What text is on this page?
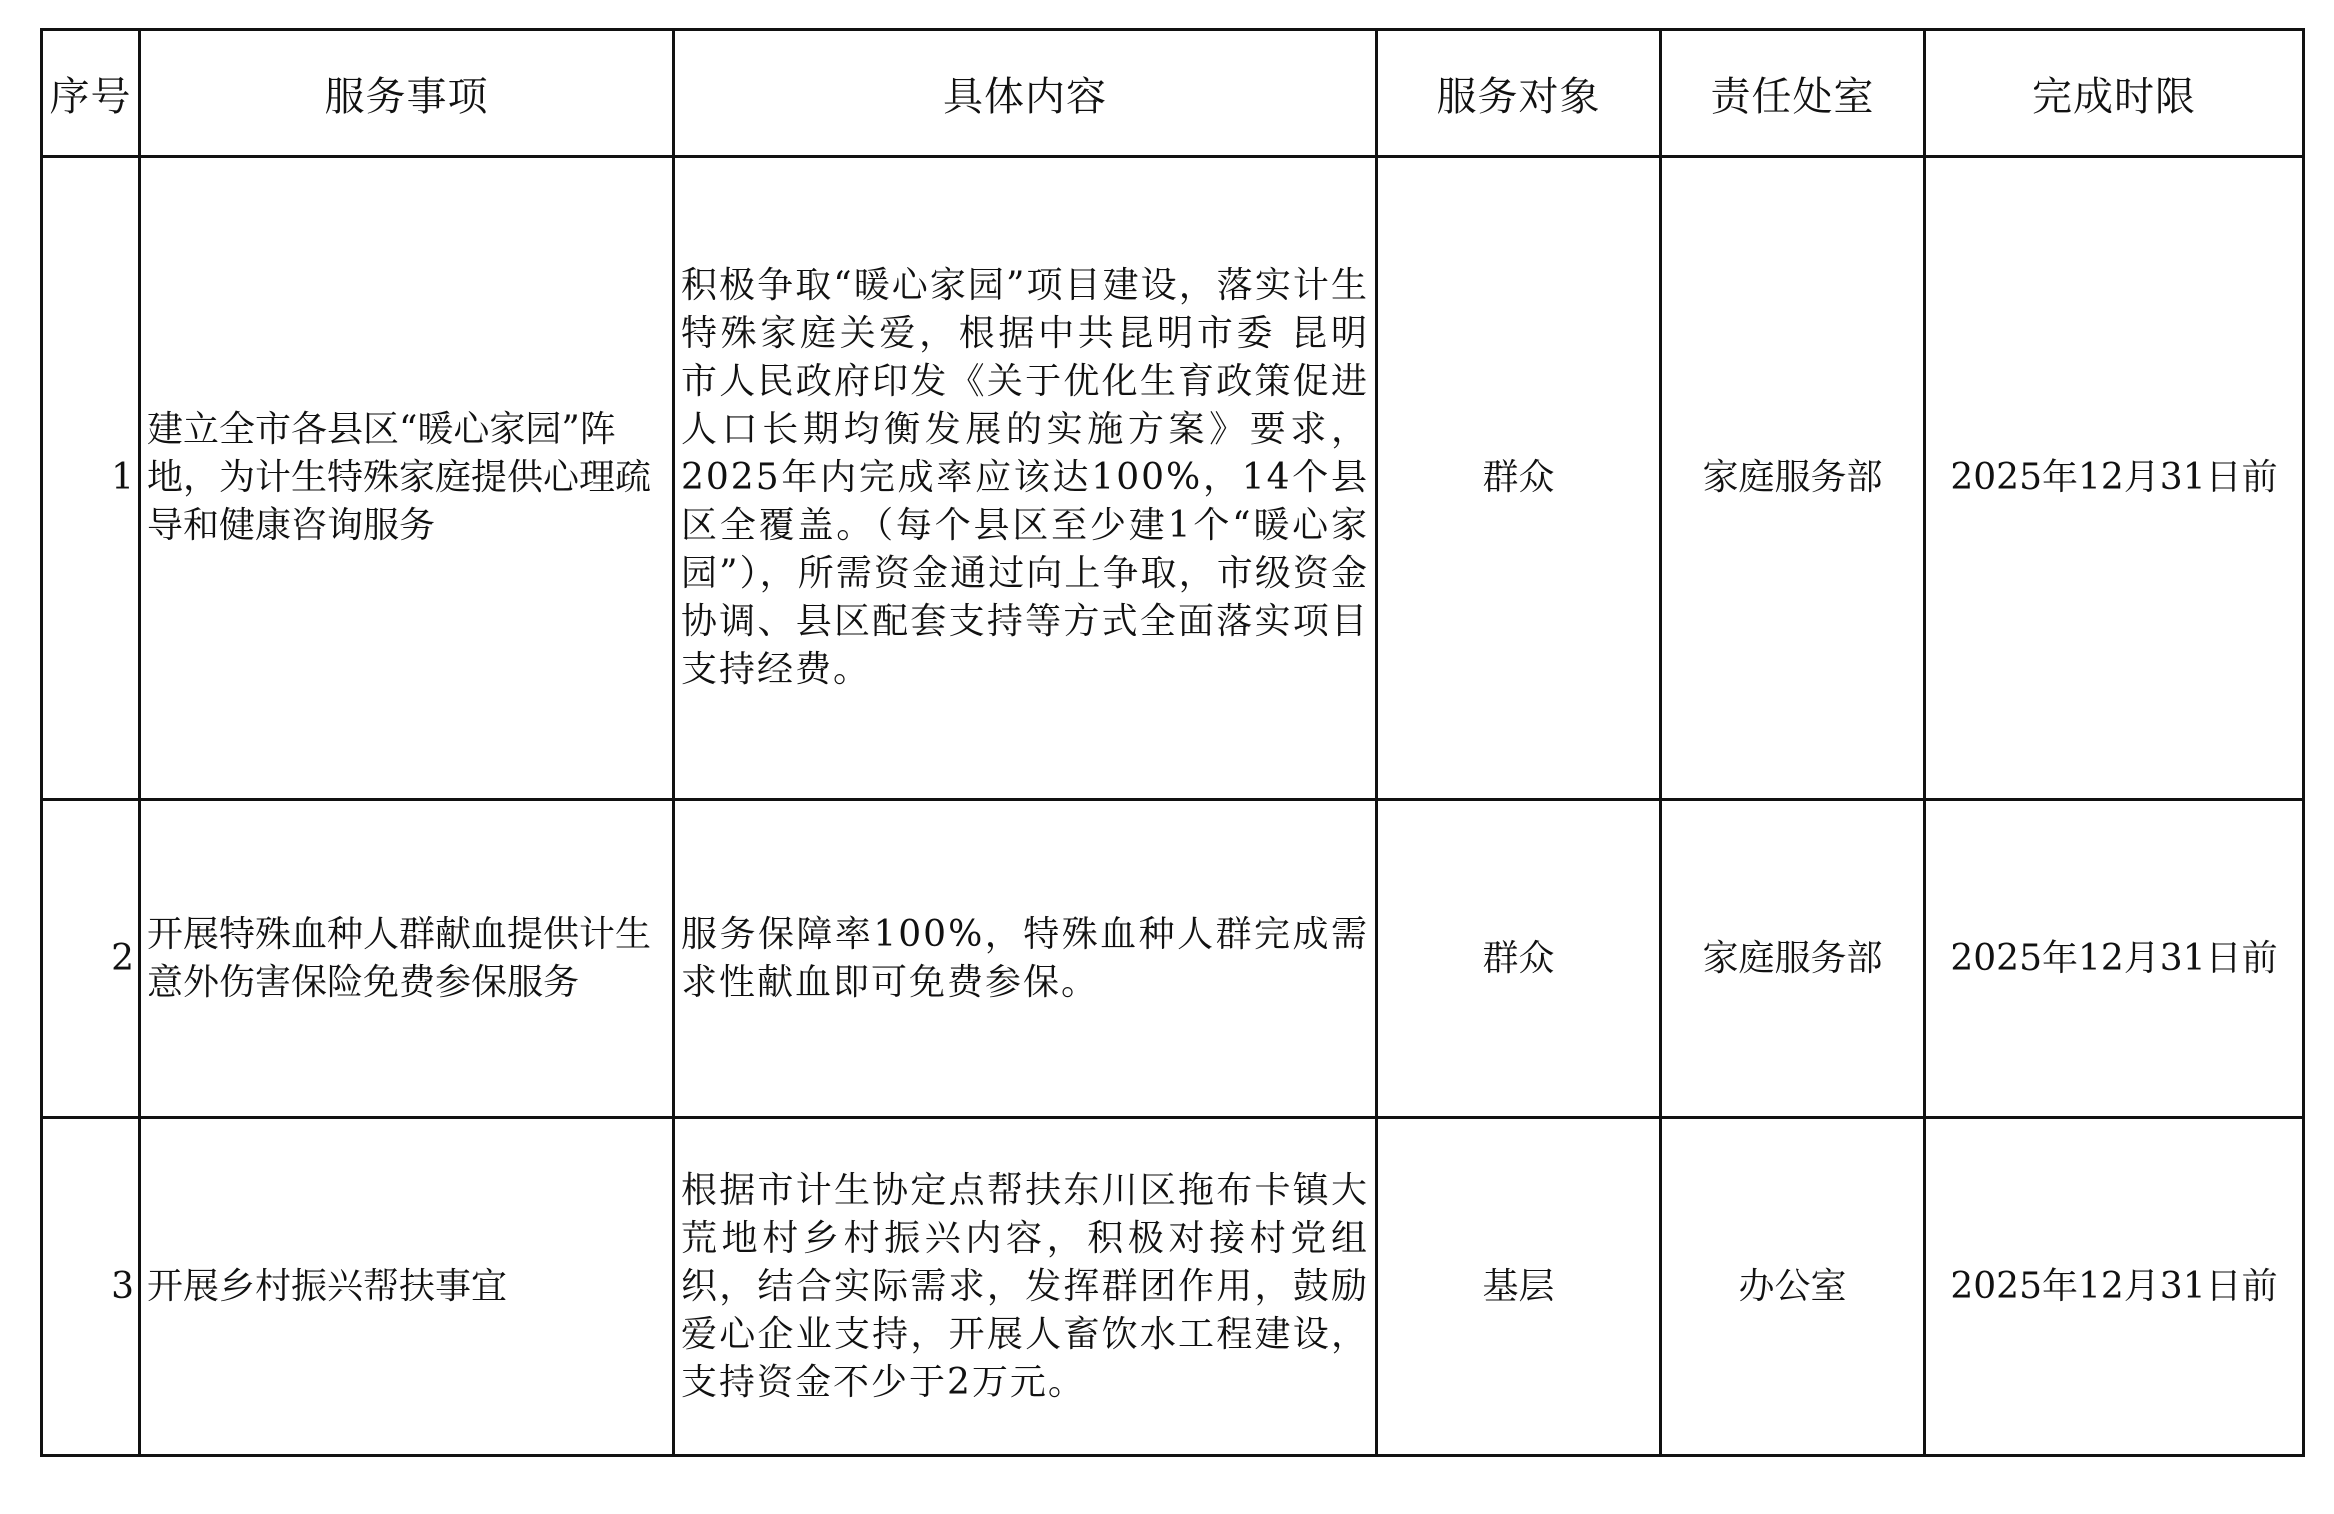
序号	服务事项	具体内容	服务对象	责任处室	完成时限
1	建立全市各县区“暖心家园”阵地，为计生特殊家庭提供心理疏导和健康咨询服务	积极争取“暖心家园”项目建设，落实计生特殊家庭关爱，根据中共昆明市委 昆明市人民政府印发《关于优化生育政策促进人口长期均衡发展的实施方案》要求，2025年内完成率应该达100%，14个县区全覆盖。（每个县区至少建1个“暖心家园”），所需资金通过向上争取，市级资金协调、县区配套支持等方式全面落实项目支持经费。	群众	家庭服务部	2025年12月31日前
2	开展特殊血种人群献血提供计生意外伤害保险免费参保服务	服务保障率100%，特殊血种人群完成需求性献血即可免费参保。	群众	家庭服务部	2025年12月31日前
3	开展乡村振兴帮扶事宜	根据市计生协定点帮扶东川区拖布卡镇大荒地村乡村振兴内容，积极对接村党组织，结合实际需求，发挥群团作用，鼓励爱心企业支持，开展人畜饮水工程建设，支持资金不少于2万元。	基层	办公室	2025年12月31日前
